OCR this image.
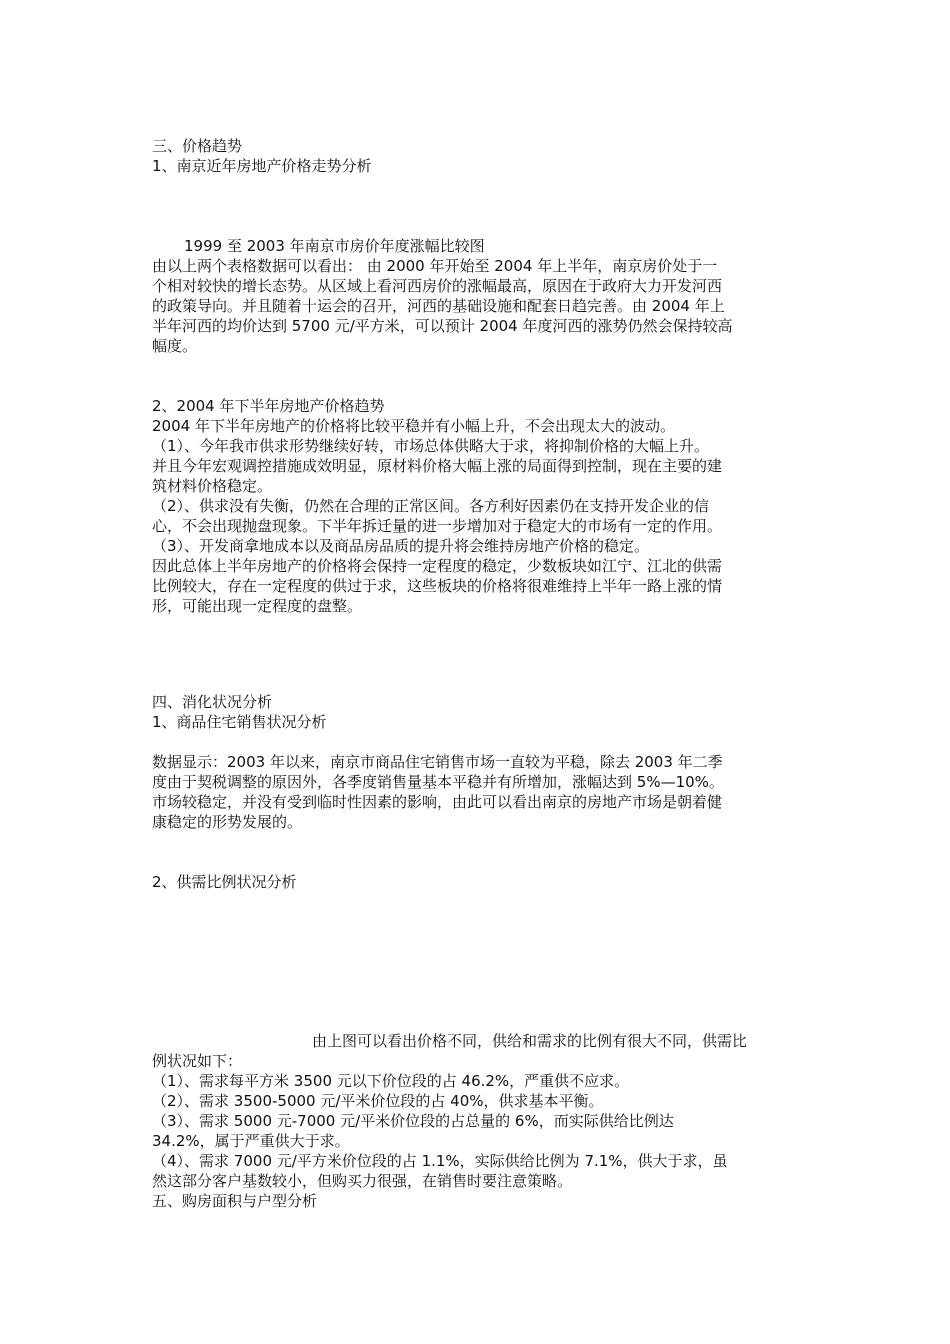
三、价格趋势
1、南京近年房地产价格走势分析
1999 至 2003 年南京市房价年度涨幅比较图
由以上两个表格数据可以看出： 由 2000 年开始至 2004 年上半年，南京房价处于一
个相对较快的增长态势。从区域上看河西房价的涨幅最高，原因在于政府大力开发河西
的政策导向。并且随着十运会的召开，河西的基础设施和配套日趋完善。由 2004 年上
半年河西的均价达到 5700 元/平方米，可以预计 2004 年度河西的涨势仍然会保持较高
幅度。
2、2004 年下半年房地产价格趋势
2004 年下半年房地产的价格将比较平稳并有小幅上升，不会出现太大的波动。
（1）、今年我市供求形势继续好转，市场总体供略大于求，将抑制价格的大幅上升。
并且今年宏观调控措施成效明显，原材料价格大幅上涨的局面得到控制，现在主要的建
筑材料价格稳定。
（2）、供求没有失衡，仍然在合理的正常区间。各方利好因素仍在支持开发企业的信
心，不会出现抛盘现象。下半年拆迁量的进一步增加对于稳定大的市场有一定的作用。
（3）、开发商拿地成本以及商品房品质的提升将会维持房地产价格的稳定。
因此总体上半年房地产的价格将会保持一定程度的稳定，少数板块如江宁、江北的供需
比例较大，存在一定程度的供过于求，这些板块的价格将很难维持上半年一路上涨的情
形，可能出现一定程度的盘整。
四、消化状况分析
1、商品住宅销售状况分析
数据显示：2003 年以来，南京市商品住宅销售市场一直较为平稳，除去 2003 年二季
度由于契税调整的原因外，各季度销售量基本平稳并有所增加，涨幅达到 5%—10%。
市场较稳定，并没有受到临时性因素的影响，由此可以看出南京的房地产市场是朝着健
康稳定的形势发展的。
2、供需比例状况分析
由上图可以看出价格不同，供给和需求的比例有很大不同，供需比
例状况如下：
（1）、需求每平方米 3500 元以下价位段的占 46.2%，严重供不应求。
（2）、需求 3500-5000 元/平米价位段的占 40%，供求基本平衡。
（3）、需求 5000 元-7000 元/平米价位段的占总量的 6%，而实际供给比例达
34.2%，属于严重供大于求。
（4）、需求 7000 元/平方米价位段的占 1.1%，实际供给比例为 7.1%，供大于求，虽
然这部分客户基数较小，但购买力很强，在销售时要注意策略。
五、购房面积与户型分析
